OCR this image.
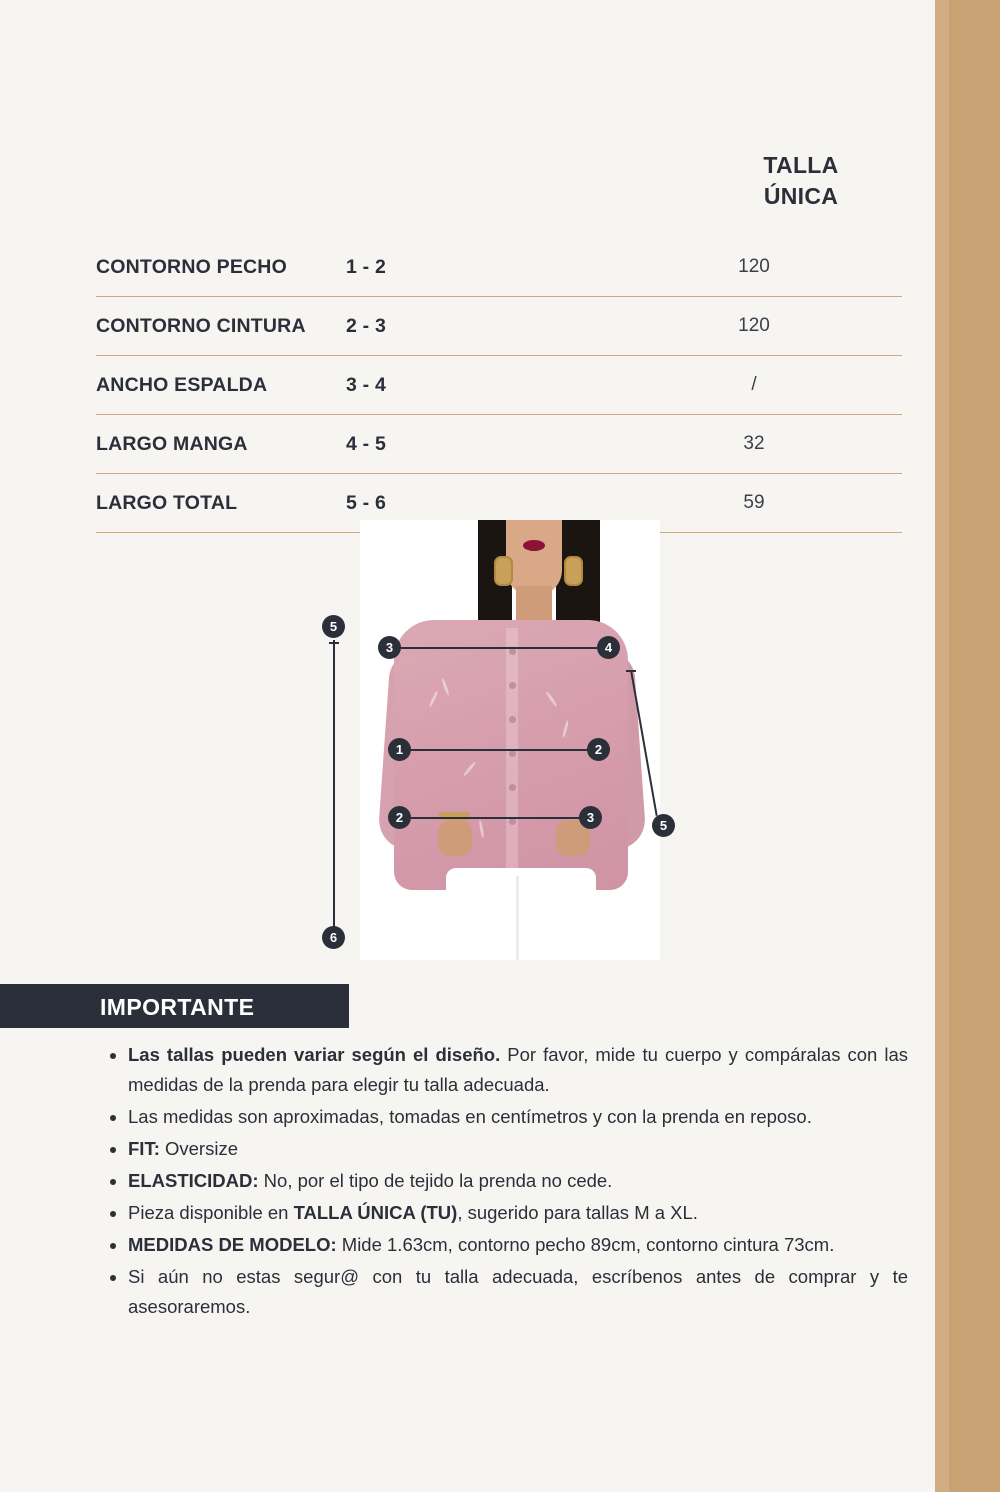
TALLA
ÚNICA
CONTORNO PECHO	1 - 2	120
CONTORNO CINTURA	2 - 3	120
ANCHO ESPALDA	3 - 4	/
LARGO MANGA	4 - 5	32
LARGO TOTAL	5 - 6	59
5
6
3	4
1	2
2	3
5
IMPORTANTE
• Las tallas pueden variar según el diseño. Por favor, mide tu cuerpo y compáralas con las medidas de la prenda para elegir tu talla adecuada.
• Las medidas son aproximadas, tomadas en centímetros y con la prenda en reposo.
• FIT: Oversize
• ELASTICIDAD: No, por el tipo de tejido la prenda no cede.
• Pieza disponible en TALLA ÚNICA (TU), sugerido para tallas M a XL.
• MEDIDAS DE MODELO: Mide 1.63cm, contorno pecho 89cm, contorno cintura 73cm.
• Si aún no estas segur@ con tu talla adecuada, escríbenos antes de comprar y te asesoraremos.
